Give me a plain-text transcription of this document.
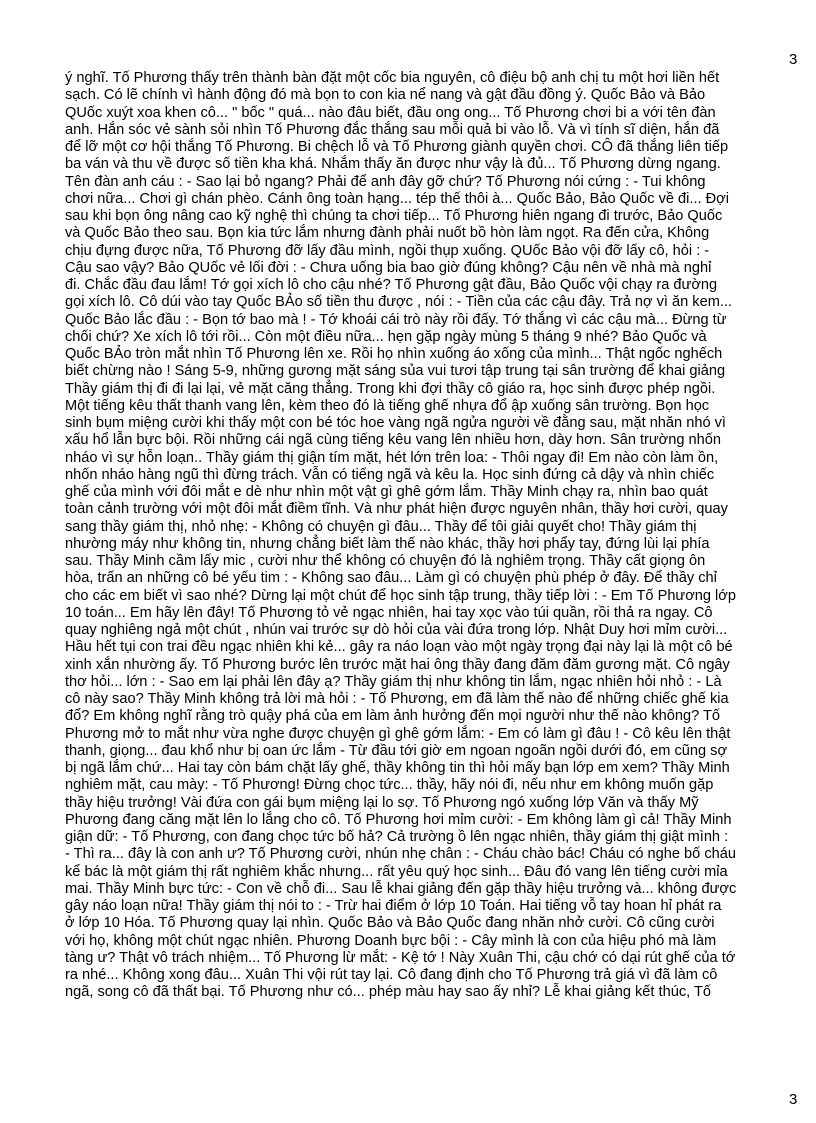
3
ý nghĩ. Tố Phương thấy trên thành bàn đặt một cốc bia nguyên, cô điệu bộ anh chị tu một hơi liền hết
sạch. Có lẽ chính vì hành động đó mà bọn to con kia nể nang và gật đầu đồng ý. Quốc Bảo và Bảo
QUốc xuýt xoa khen cô... " bốc " quá... nào đâu biết, đầu ong ong... Tố Phương chơi bi a với tên đàn
anh. Hắn sóc vẻ sành sỏi nhìn Tố Phương đắc thắng sau mỗi quả bi vào lỗ. Và vì tính sĩ diện, hắn đã
để lỡ một cơ hội thắng Tố Phương. Bi chệch lỗ và Tố Phương giành quyền chơi. CÔ đã thắng liên tiếp
ba ván và thu về được số tiền kha khá. Nhắm thấy ăn được như vậy là đủ... Tố Phương dừng ngang.
Tên đàn anh cáu : - Sao lại bỏ ngang? Phải để anh đây gỡ chứ? Tố Phương nói cứng : - Tui không
chơi nữa... Chơi gì chán phèo. Cánh ông toàn hạng... tép thế thôi à... Quốc Bảo, Bảo Quốc về đi... Đợi
sau khi bọn ông nâng cao kỹ nghệ thì chúng ta chơi tiếp... Tố Phương hiên ngang đi trước, Bảo Quốc
và Quốc Bảo theo sau. Bọn kia tức lắm nhưng đành phải nuốt bồ hòn làm ngọt. Ra đến cửa, Không
chịu đựng được nữa, Tố Phương đỡ lấy đầu mình, ngồi thụp xuống. QUốc Bảo vội đỡ lấy cô, hỏi : -
Cậu sao vậy? Bảo QUốc vẻ lối đời : - Chưa uống bia bao giờ đúng không? Cậu nên về nhà mà nghỉ
đi. Chắc đầu đau lắm! Tớ gọi xích lô cho cậu nhé? Tố Phương gật đầu, Bảo Quốc vội chạy ra đường
gọi xích lô. Cô dúi vào tay Quốc BẢo số tiền thu được , nói : - Tiền của các cậu đây. Trả nợ vì ăn kem...
Quốc Bảo lắc đầu : - Bọn tớ bao mà ! - Tớ khoái cái trò này rồi đấy. Tớ thắng vì các cậu mà... Đừng từ
chối chứ? Xe xích lô tới rồi... Còn một điều nữa... hẹn gặp ngày mùng 5 tháng 9 nhé? Bảo Quốc và
Quốc BẢo tròn mắt nhìn Tố Phương lên xe. Rồi họ nhìn xuống áo xống của mình... Thật ngốc nghếch
biết chừng nào ! Sáng 5-9, những gương mặt sáng sủa vui tươi tập trung tại sân trường để khai giảng
Thầy giám thị đi đi lại lại, vẻ mặt căng thẳng. Trong khi đợi thầy cô giáo ra, học sinh được phép ngồi.
Một tiếng kêu thất thanh vang lên, kèm theo đó là tiếng ghế nhựa đổ ập xuống sân trường. Bọn học
sinh bụm miệng cười khi thấy một con bé tóc hoe vàng ngã ngửa người về đằng sau, mặt nhăn nhó vì
xấu hổ lẫn bực bội. Rồi những cái ngã cùng tiếng kêu vang lên nhiều hơn, dày hơn. Sân trường nhốn
nháo vì sự hỗn loạn.. Thầy giám thị giận tím mặt, hét lớn trên loa: - Thôi ngay đi! Em nào còn làm ồn,
nhốn nháo hàng ngũ thì đừng trách. Vẫn có tiếng ngã và kêu la. Học sinh đứng cả dậy và nhìn chiếc
ghế của mình với đôi mắt e dè như nhìn một vật gì ghê gớm lắm. Thầy Minh chạy ra, nhìn bao quát
toàn cảnh trường với một đôi mắt điềm tĩnh. Và như phát hiện được nguyên nhân, thầy hơi cười, quay
sang thầy giám thị, nhỏ nhẹ: - Không có chuyện gì đâu... Thầy để tôi giải quyết cho! Thầy giám thị
nhường máy như không tin, nhưng chẳng biết làm thế nào khác, thầy hơi phẩy tay, đứng lùi lại phía
sau. Thầy Minh cầm lấy mic , cười như thể không có chuyện đó là nghiêm trọng. Thầy cất giọng ôn
hòa, trấn an những cô bé yếu tim : - Không sao đâu... Làm gì có chuyện phù phép ở đây. Để thầy chỉ
cho các em biết vì sao nhé? Dừng lại một chút để học sinh tập trung, thầy tiếp lời : - Em Tố Phương lớp
10 toán... Em hãy lên đây! Tố Phương tỏ vẻ ngạc nhiên, hai tay xọc vào túi quần, rồi thả ra ngay. Cô
quay nghiêng ngả một chút , nhún vai trước sự dò hỏi của vài đứa trong lớp. Nhật Duy hơi mỉm cười...
Hầu hết tụi con trai đều ngạc nhiên khi kẻ... gây ra náo loạn vào một ngày trọng đại này lại là một cô bé
xinh xắn nhường ấy. Tố Phương bước lên trước mặt hai ông thầy đang đăm đăm gương mặt. Cô ngây
thơ hỏi... lớn : - Sao em lại phải lên đây ạ? Thầy giám thị như không tin lắm, ngạc nhiên hỏi nhỏ : - Là
cô này sao? Thầy Minh không trả lời mà hỏi : - Tố Phương, em đã làm thế nào để những chiếc ghế kia
đổ? Em không nghĩ rằng trò quậy phá của em làm ảnh hưởng đến mọi người như thế nào không? Tố
Phương mở to mắt như vừa nghe được chuyện gì ghê gớm lắm: - Em có làm gì đâu ! - Cô kêu lên thật
thanh, giọng... đau khổ như bị oan ức lắm - Từ đầu tới giờ em ngoan ngoãn ngồi dưới đó, em cũng sợ
bị ngã lắm chứ... Hai tay còn bám chặt lấy ghế, thầy không tin thì hỏi mấy bạn lớp em xem? Thầy Minh
nghiêm mặt, cau mày: - Tố Phương! Đừng chọc tức... thầy, hãy nói đi, nếu như em không muốn gặp
thầy hiệu trưởng! Vài đứa con gái bụm miệng lại lo sợ. Tố Phương ngó xuống lớp Văn và thấy Mỹ
Phương đang căng mặt lên lo lắng cho cô. Tố Phương hơi mỉm cười: - Em không làm gì cả! Thầy Minh
giận dữ: - Tố Phương, con đang chọc tức bố hả? Cả trường ồ lên ngạc nhiên, thầy giám thị giật mình :
- Thì ra... đây là con anh ư? Tố Phương cười, nhún nhẹ chân : - Cháu chào bác! Cháu có nghe bố cháu
kể bác là một giám thị rất nghiêm khắc nhưng... rất yêu quý học sinh... Đâu đó vang lên tiếng cười mỉa
mai. Thầy Minh bực tức: - Con về chỗ đi... Sau lễ khai giảng đến gặp thầy hiệu trưởng và... không được
gây náo loạn nữa! Thầy giám thị nói to : - Trừ hai điểm ở lớp 10 Toán. Hai tiếng vỗ tay hoan hỉ phát ra
ở lớp 10 Hóa. Tố Phương quay lại nhìn. Quốc Bảo và Bảo Quốc đang nhăn nhở cười. Cô cũng cười
với họ, không một chút ngạc nhiên. Phương Doanh bực bội : - Cây mình là con của hiệu phó mà làm
tàng ư? Thật vô trách nhiệm... Tố Phương lừ mắt: - Kệ tớ ! Này Xuân Thi, cậu chớ có dại rút ghế của tớ
ra nhé... Không xong đâu... Xuân Thi vội rút tay lại. Cô đang định cho Tố Phương trả giá vì đã làm cô
ngã, song cô đã thất bại. Tố Phương như có... phép màu hay sao ấy nhỉ? Lễ khai giảng kết thúc, Tố
3
